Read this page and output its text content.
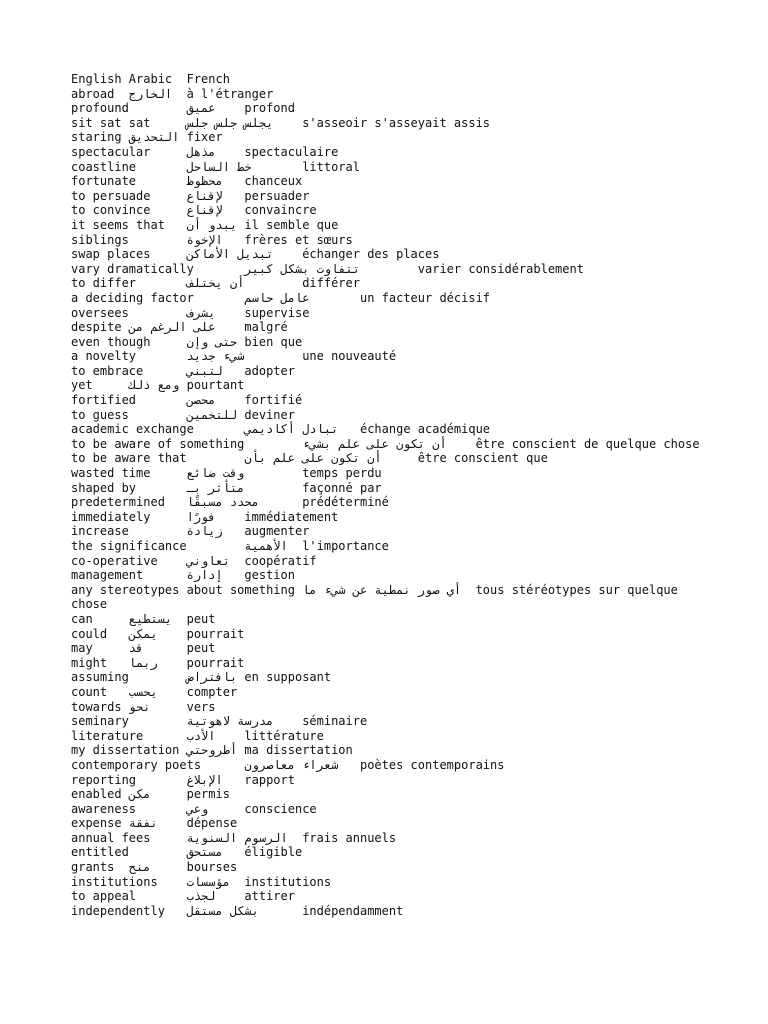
English	Arabic	French
abroad	الخارج	à l'étranger
profound	عميق	profond
sit sat sat	يجلس جلس جلس	s'asseoir s'asseyait assis
staring	التحديق	fixer
spectacular	مذهل	spectaculaire
coastline	خط الساحل	littoral
fortunate	محظوظ	chanceux
to persuade	لإقناع	persuader
to convince	لإقناع	convaincre
it seems that	يبدو أن	il semble que
siblings	الإخوة	frères et sœurs
swap places	تبديل الأماكن	échanger des places
vary dramatically	تتفاوت بشكل كبير	varier considérablement
to differ	أن يختلف	différer
a deciding factor	عامل حاسم	un facteur décisif
oversees	يشرف	supervise
despite	على الرغم من	malgré
even though	حتى وإن	bien que
a novelty	شيء جديد	une nouveauté
to embrace	لتبني	adopter
yet	ومع ذلك	pourtant
fortified	محصن	fortifié
to guess	للتخمين	deviner
academic exchange	تبادل أكاديمي	échange académique
to be aware of something	أن تكون على علم بشيء	être conscient de quelque chose
to be aware that	أن تكون على علم بأن	être conscient que
wasted time	وقت ضائع	temps perdu
shaped by	متأثر بـ	façonné par
predetermined	محدد مسبقًا	prédéterminé
immediately	فورًا	immédiatement
increase	زيادة	augmenter
the significance	الأهمية	l'importance
co-operative	تعاوني	coopératif
management	إدارة	gestion
any stereotypes about something	أي صور نمطية عن شيء ما	tous stéréotypes sur quelque chose
can	يستطيع	peut
could	يمكن	pourrait
may	قد	peut
might	ربما	pourrait
assuming	بافتراض	en supposant
count	يحسب	compter
towards	نحو	vers
seminary	مدرسة لاهوتية	séminaire
literature	الأدب	littérature
my dissertation	أطروحتي	ma dissertation
contemporary poets	شعراء معاصرون	poètes contemporains
reporting	الإبلاغ	rapport
enabled	مكن	permis
awareness	وعي	conscience
expense	نفقة	dépense
annual fees	الرسوم السنوية	frais annuels
entitled	مستحق	éligible
grants	منح	bourses
institutions	مؤسسات	institutions
to appeal	لجذب	attirer
independently	بشكل مستقل	indépendamment
